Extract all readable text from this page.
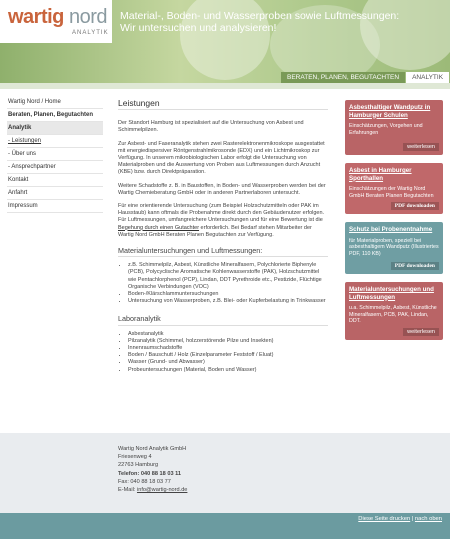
wartig nord
ANALYTIK
Material-, Boden- und Wasserproben sowie Luftmessungen:
Wir untersuchen und analysieren!
BERATEN, PLANEN, BEGUTACHTEN	ANALYTIK
Wartig Nord / Home
Beraten, Planen, Begutachten
Analytik
- Leistungen
- Über uns
- Ansprechpartner
Kontakt
Anfahrt
Impressum
Leistungen

Der Standort Hamburg ist spezialisiert auf die Untersuchung von Asbest und Schimmelpilzen.

Zur Asbest- und Faseranalytik stehen zwei Rasterelektronenmikroskope ausgestattet mit energiedispersiver Röntgenstrahlmikrosonde (EDX) und ein Lichtmikroskop zur Verfügung. In unserem mikrobiologischen Labor erfolgt die Untersuchung von Materialproben und die Auswertung von Proben aus Luftmessungen durch Anzucht (KBE) bzw. durch Direktpräparation.

Weitere Schadstoffe z. B. in Baustoffen, in Boden- und Wasserproben werden bei der Wartig Chemieberatung GmbH oder in anderen Partnerlaboren untersucht.

Für eine orientierende Untersuchung (zum Beispiel Holzschutzmitteln oder PAK im Hausstaub) kann oftmals die Probenahme direkt durch den Gebäudenutzer erfolgen.
Für Luftmessungen, umfangreichere Untersuchungen und für eine Bewertung ist die Begehung durch einen Gutachter erforderlich. Bei Bedarf stehen Mitarbeiter der Wartig Nord GmbH Beraten Planen Begutachten zur Verfügung.

Materialuntersuchungen und Luftmessungen:
• z.B. Schimmelpilz, Asbest, Künstliche Mineralfasern, Polychlorierte Biphenyle (PCB), Polycyclische Aromatische Kohlenwasserstoffe (PAK), Holzschutzmittel wie Pentachlorphenol (PCP), Lindan, DDT Pyrethroide etc., Pestizide, Flüchtige Organische Verbindungen (VOC)
• Boden-/Klärschlammuntersuchungen
• Untersuchung von Wasserproben, z.B. Blei- oder Kupferbelastung in Trinkwasser
Laboranalytik
• Asbestanalytik
• Pilzanalytik (Schimmel, holzzerstörende Pilze und Insekten)
• Innenraumschadstoffe
• Boden / Bauschutt / Holz (Einzelparameter Feststoff / Eluat)
• Wasser (Grund- und Abwasser)
• Probeuntersuchungen (Material, Boden und Wasser)
Asbesthaltiger Wandputz in Hamburger Schulen
Einschätzungen, Vorgehen und Erfahrungen
weiterlesen
Asbest in Hamburger Sporthallen
Einschätzungen der Wartig Nord GmbH Beraten Planen Begutachten
PDF downloaden
Schutz bei Probenentnahme
für Materialproben, speziell bei asbesthaltigem Wandputz (Illustriertes PDF, 110 KB)
PDF downloaden
Materialuntersuchungen und Luftmessungen
u.a. Schimmelpilz, Asbest, Künstliche Mineralfasern, PCB, PAK, Lindan, DDT.
weiterlesen
Wartig Nord Analytik GmbH
Friesenweg 4
22763 Hamburg
Telefon: 040 88 18 03 11
Fax: 040 88 18 03 77
E-Mail: info@wartig-nord.de
Diese Seite drucken | nach oben
